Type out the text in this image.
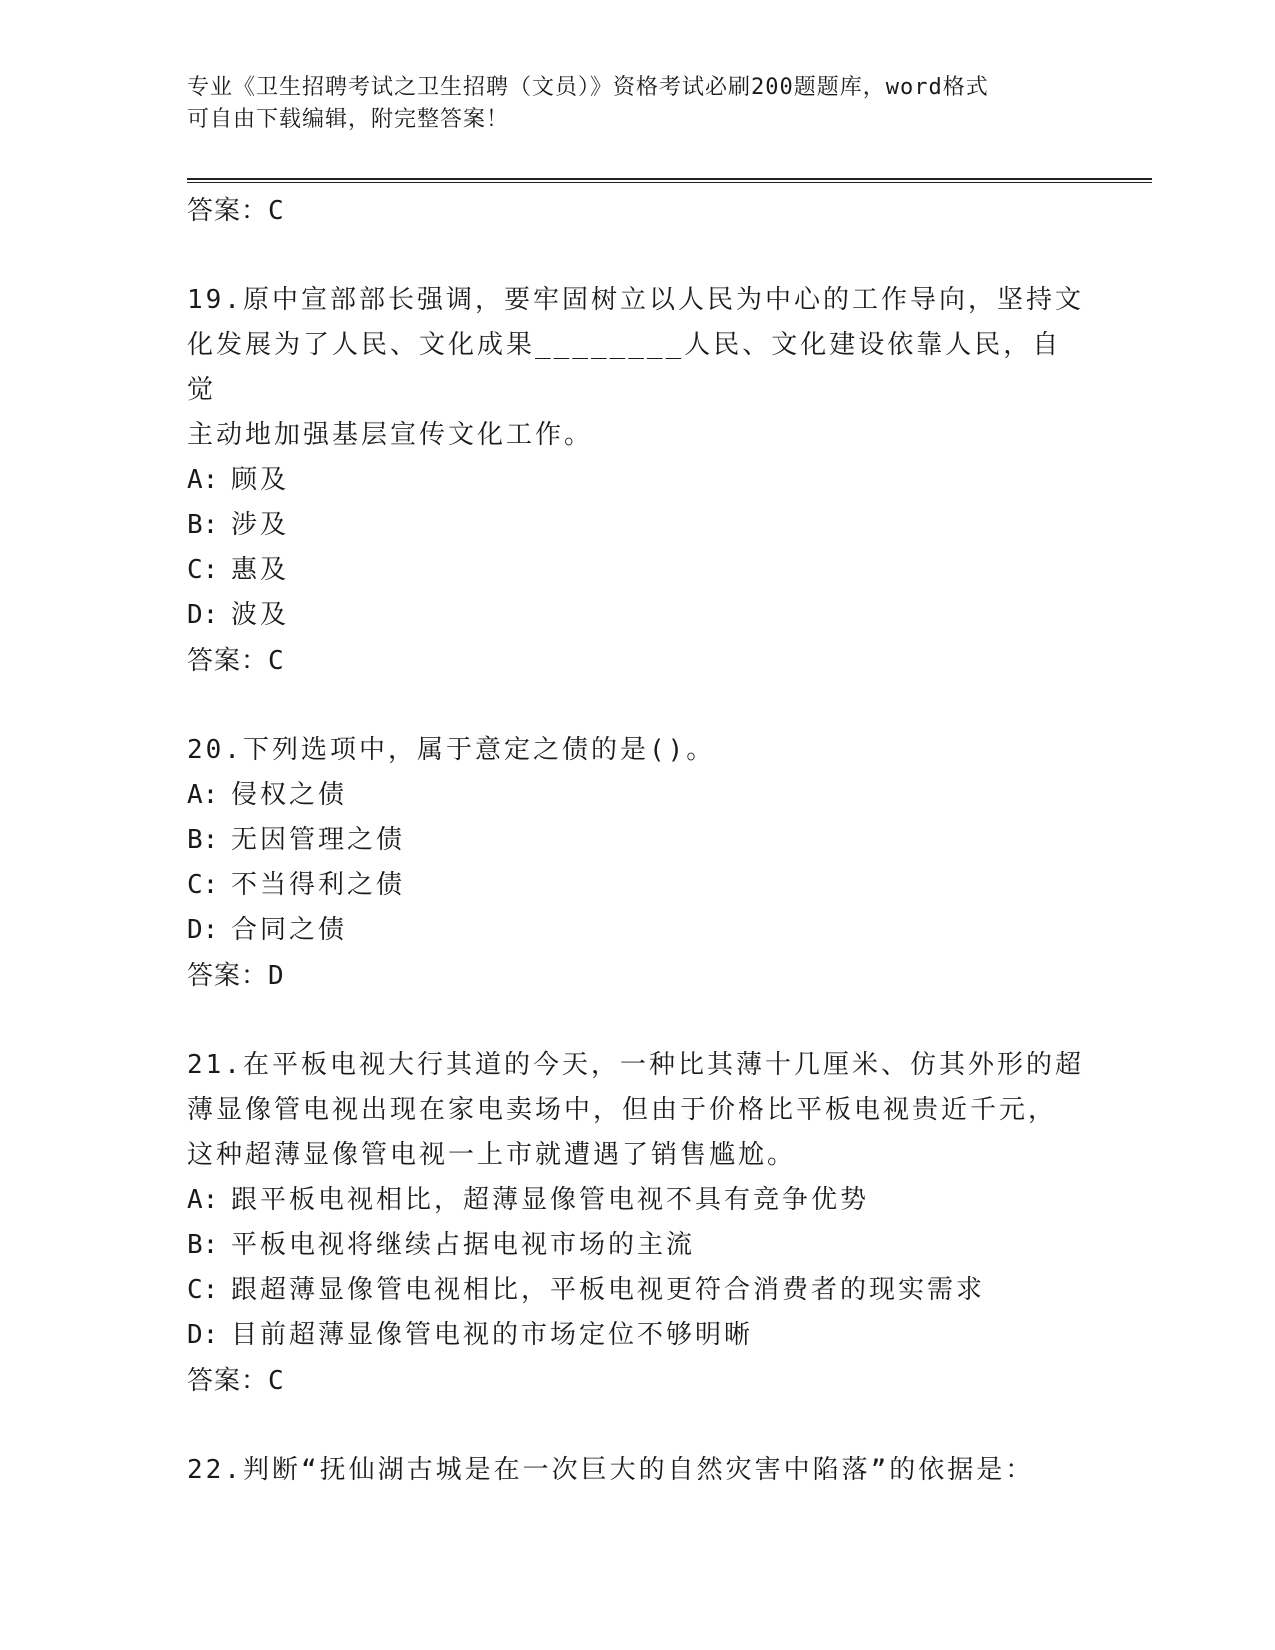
专业《卫生招聘考试之卫生招聘（文员）》资格考试必刷200题题库，word格式
可自由下载编辑，附完整答案！
答案：C
19.原中宣部部长强调，要牢固树立以人民为中心的工作导向，坚持文
化发展为了人民、文化成果________人民、文化建设依靠人民，自觉
主动地加强基层宣传文化工作。
A: 顾及
B: 涉及
C: 惠及
D: 波及
答案：C
20.下列选项中，属于意定之债的是()。
A: 侵权之债
B: 无因管理之债
C: 不当得利之债
D: 合同之债
答案：D
21.在平板电视大行其道的今天，一种比其薄十几厘米、仿其外形的超
薄显像管电视出现在家电卖场中，但由于价格比平板电视贵近千元，
这种超薄显像管电视一上市就遭遇了销售尴尬。
A: 跟平板电视相比，超薄显像管电视不具有竞争优势
B: 平板电视将继续占据电视市场的主流
C: 跟超薄显像管电视相比，平板电视更符合消费者的现实需求
D: 目前超薄显像管电视的市场定位不够明晰
答案：C
22.判断“抚仙湖古城是在一次巨大的自然灾害中陷落”的依据是：
